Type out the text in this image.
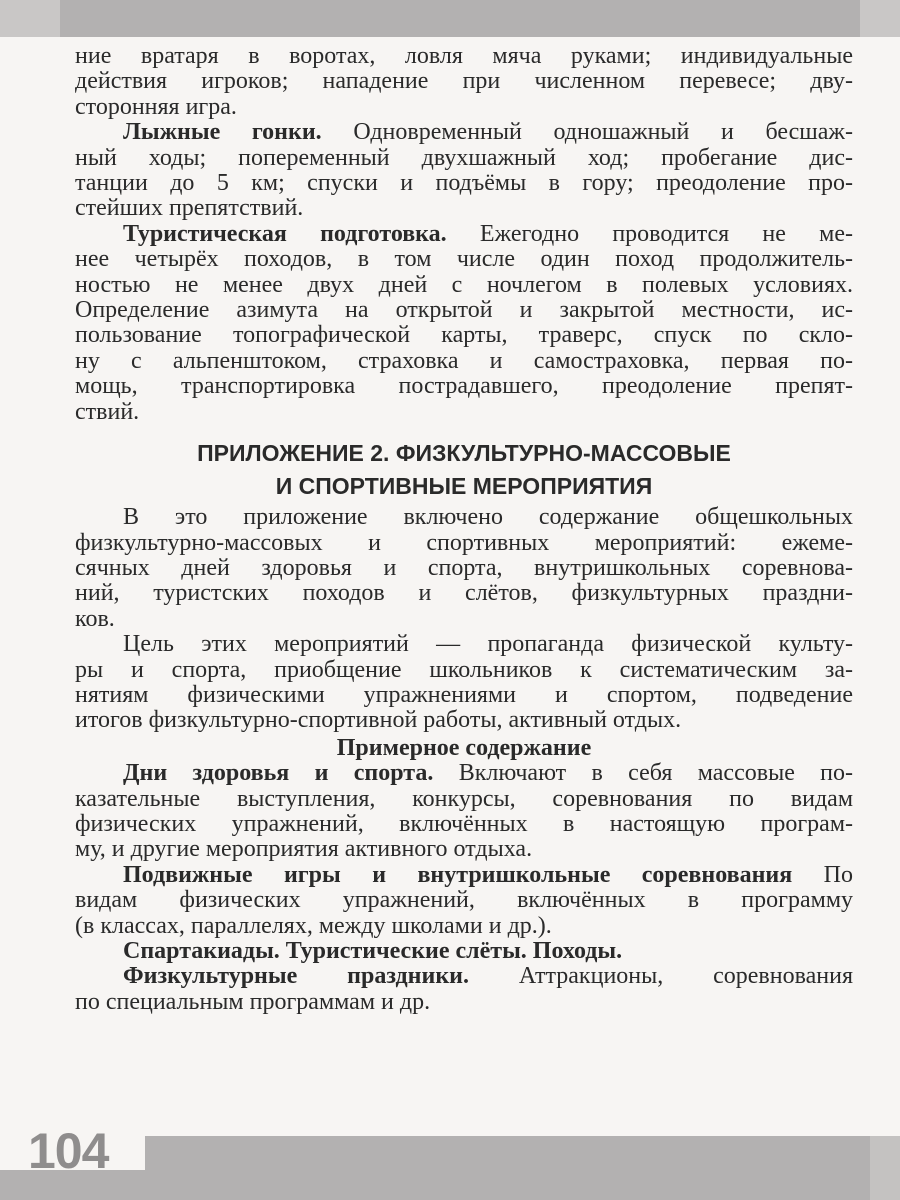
ние вратаря в воротах, ловля мяча руками; индивидуальные
действия игроков; нападение при численном перевесе; дву-
сторонняя игра.
Лыжные гонки. Одновременный одношажный и бесшаж-
ный ходы; попеременный двухшажный ход; пробегание дис-
танции до 5 км; спуски и подъёмы в гору; преодоление про-
стейших препятствий.
Туристическая подготовка. Ежегодно проводится не ме-
нее четырёх походов, в том числе один поход продолжитель-
ностью не менее двух дней с ночлегом в полевых условиях.
Определение азимута на открытой и закрытой местности, ис-
пользование топографической карты, траверс, спуск по скло-
ну с альпенштоком, страховка и самостраховка, первая по-
мощь, транспортировка пострадавшего, преодоление препят-
ствий.
ПРИЛОЖЕНИЕ 2. ФИЗКУЛЬТУРНО-МАССОВЫЕ
И СПОРТИВНЫЕ МЕРОПРИЯТИЯ
В это приложение включено содержание общешкольных
физкультурно-массовых и спортивных мероприятий: ежеме-
сячных дней здоровья и спорта, внутришкольных соревнова-
ний, туристских походов и слётов, физкультурных праздни-
ков.
Цель этих мероприятий — пропаганда физической культу-
ры и спорта, приобщение школьников к систематическим за-
нятиям физическими упражнениями и спортом, подведение
итогов физкультурно-спортивной работы, активный отдых.
Примерное содержание
Дни здоровья и спорта. Включают в себя массовые по-
казательные выступления, конкурсы, соревнования по видам
физических упражнений, включённых в настоящую програм-
му, и другие мероприятия активного отдыха.
Подвижные игры и внутришкольные соревнования По
видам физических упражнений, включённых в программу
(в классах, параллелях, между школами и др.).
Спартакиады. Туристические слёты. Походы.
Физкультурные праздники. Аттракционы, соревнования
по специальным программам и др.
104
